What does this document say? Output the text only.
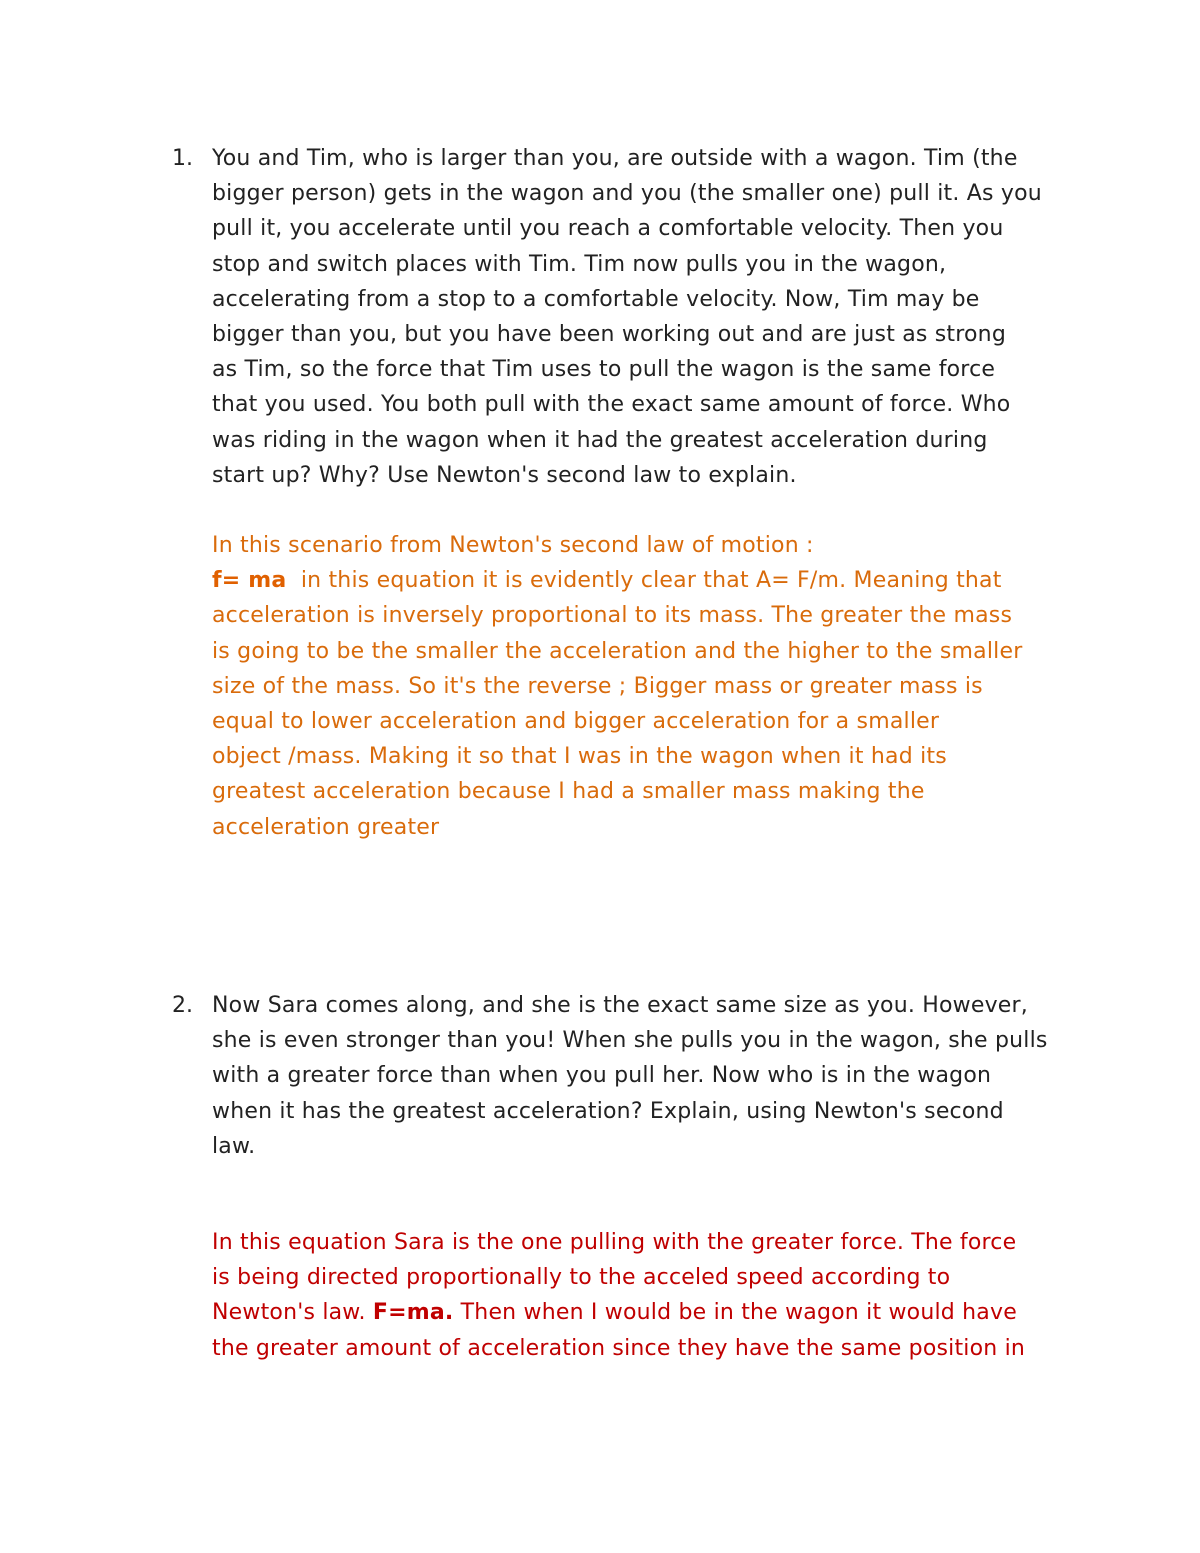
1. You and Tim, who is larger than you, are outside with a wagon. Tim (the
bigger person) gets in the wagon and you (the smaller one) pull it. As you
pull it, you accelerate until you reach a comfortable velocity. Then you
stop and switch places with Tim. Tim now pulls you in the wagon,
accelerating from a stop to a comfortable velocity. Now, Tim may be
bigger than you, but you have been working out and are just as strong
as Tim, so the force that Tim uses to pull the wagon is the same force
that you used. You both pull with the exact same amount of force. Who
was riding in the wagon when it had the greatest acceleration during
start up? Why? Use Newton's second law to explain.
In this scenario from Newton's second law of motion :
f= ma  in this equation it is evidently clear that A= F/m. Meaning that
acceleration is inversely proportional to its mass. The greater the mass
is going to be the smaller the acceleration and the higher to the smaller
size of the mass. So it's the reverse ; Bigger mass or greater mass is
equal to lower acceleration and bigger acceleration for a smaller
object /mass. Making it so that I was in the wagon when it had its
greatest acceleration because I had a smaller mass making the
acceleration greater
2. Now Sara comes along, and she is the exact same size as you. However,
she is even stronger than you! When she pulls you in the wagon, she pulls
with a greater force than when you pull her. Now who is in the wagon
when it has the greatest acceleration? Explain, using Newton's second
law.
In this equation Sara is the one pulling with the greater force. The force
is being directed proportionally to the acceled speed according to
Newton's law. F=ma. Then when I would be in the wagon it would have
the greater amount of acceleration since they have the same position in
